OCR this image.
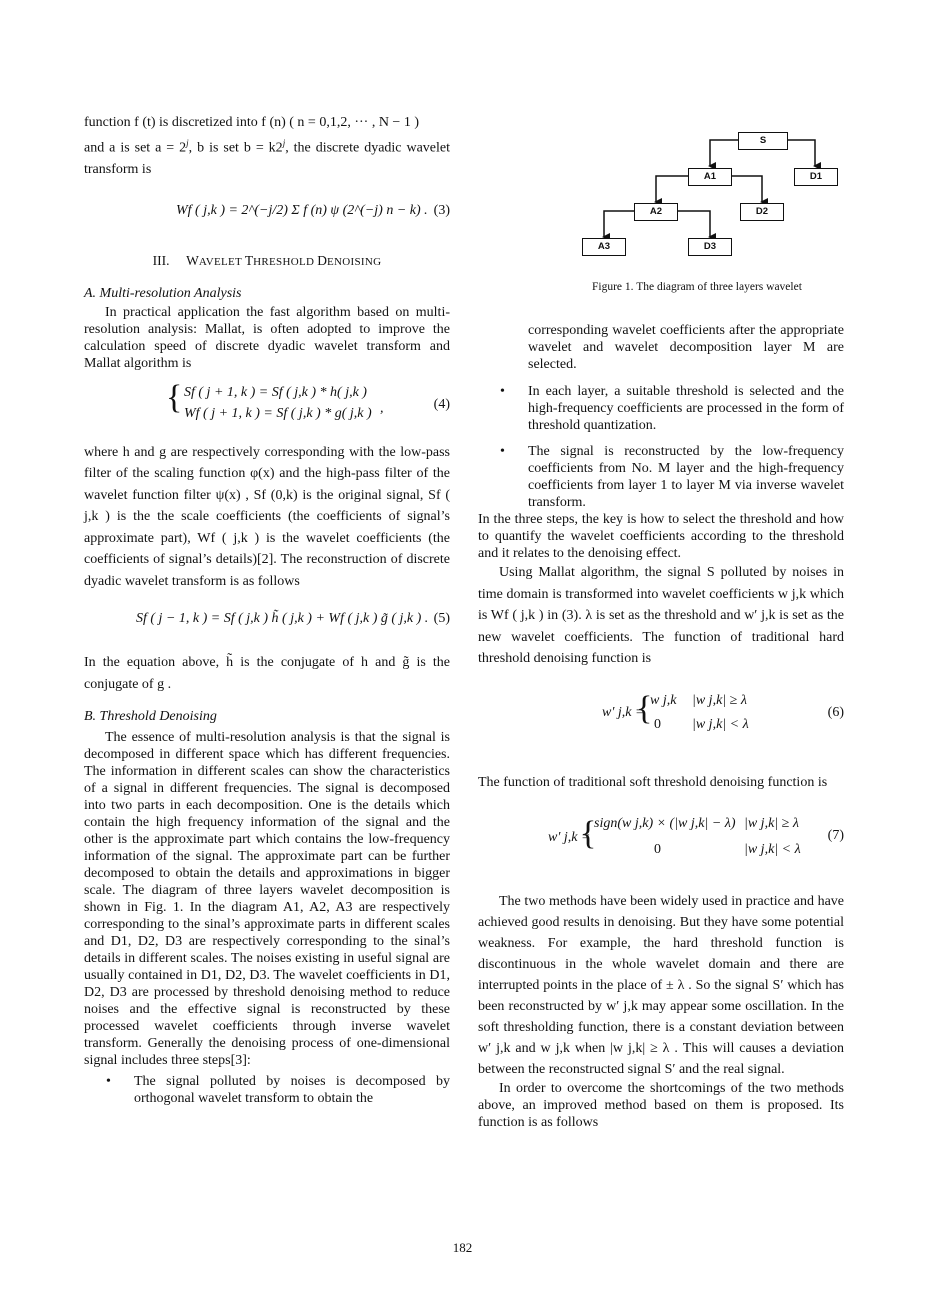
function f (t) is discretized into f (n) ( n = 0,1,2, ··· , N − 1 )
and a is set $a = 2^j$, b is set $b = k2^j$, the discrete dyadic wavelet transform is

Wf ( j,k ) = 2^(−j/2) Σ f (n) ψ (2^(−j) n − k) . (3)
III. WAVELET THRESHOLD DENOISING
A. Multi-resolution Analysis

In practical application the fast algorithm based on multi-resolution analysis: Mallat, is often adopted to improve the calculation speed of discrete dyadic wavelet transform and Mallat algorithm is

{ Sf ( j + 1, k ) = Sf ( j,k ) * h( j,k )
Wf ( j + 1, k ) = Sf ( j,k ) * g( j,k ) ,	(4)

where h and g are respectively corresponding with the low-pass filter of the scaling function φ(x) and the high-pass filter of the wavelet function filter ψ(x) , Sf (0,k) is the original signal, Sf ( j,k ) is the the scale coefficients (the coefficients of signal’s approximate part), Wf ( j,k ) is the wavelet coefficients (the coefficients of signal’s details)[2]. The reconstruction of discrete dyadic wavelet transform is as follows

Sf ( j − 1, k ) = Sf ( j,k ) h̃ ( j,k ) + Wf ( j,k ) g̃ ( j,k ) . (5)

In the equation above, h̃ is the conjugate of h and g̃ is the conjugate of g .

B. Threshold Denoising

The essence of multi-resolution analysis is that the signal is decomposed in different space which has different frequencies. The information in different scales can show the characteristics of a signal in different frequencies. The signal is decomposed into two parts in each decomposition. One is the details which contain the high frequency information of the signal and the other is the approximate part which contains the low-frequency information of the signal. The approximate part can be further decomposed to obtain the details and approximations in bigger scale. The diagram of three layers wavelet decomposition is shown in Fig. 1. In the diagram A1, A2, A3 are respectively corresponding to the sinal’s approximate parts in different scales and D1, D2, D3 are respectively corresponding to the sinal’s details in different scales. The noises existing in useful signal are usually contained in D1, D2, D3. The wavelet coefficients in D1, D2, D3 are processed by threshold denoising method to reduce noises and the effective signal is reconstructed by these processed wavelet coefficients through inverse wavelet transform. Generally the denoising process of one-dimensional signal includes three steps[3]:

• The signal polluted by noises is decomposed by orthogonal wavelet transform to obtain the
S
A1	D1
A2	D2
A3	D3
Figure 1. The diagram of three layers wavelet

corresponding wavelet coefficients after the appropriate wavelet and wavelet decomposition layer M are selected.

• In each layer, a suitable threshold is selected and the high-frequency coefficients are processed in the form of threshold quantization.
• The signal is reconstructed by the low-frequency coefficients from No. M layer and the high-frequency coefficients from layer 1 to layer M via inverse wavelet transform.

In the three steps, the key is how to select the threshold and how to quantify the wavelet coefficients according to the threshold and it relates to the denoising effect.

Using Mallat algorithm, the signal S polluted by noises in time domain is transformed into wavelet coefficients w j,k which is Wf ( j,k ) in (3). λ is set as the threshold and w′ j,k is set as the new wavelet coefficients. The function of traditional hard threshold denoising function is

w′ j,k =
{
w j,k
0
|w j,k| ≥ λ
|w j,k| < λ
(6)

The function of traditional soft threshold denoising function is

w′ j,k =
{
sign(w j,k) × (|w j,k| − λ)
0
|w j,k| ≥ λ
|w j,k| < λ
(7)

The two methods have been widely used in practice and have achieved good results in denoising. But they have some potential weakness. For example, the hard threshold function is discontinuous in the whole wavelet domain and there are interrupted points in the place of ± λ . So the signal S′ which has been reconstructed by w′ j,k may appear some oscillation. In the soft thresholding function, there is a constant deviation between w′ j,k and w j,k when |w j,k| ≥ λ . This will causes a deviation between the reconstructed signal S′ and the real signal.

In order to overcome the shortcomings of the two methods above, an improved method based on them is proposed. Its function is as follows

182
